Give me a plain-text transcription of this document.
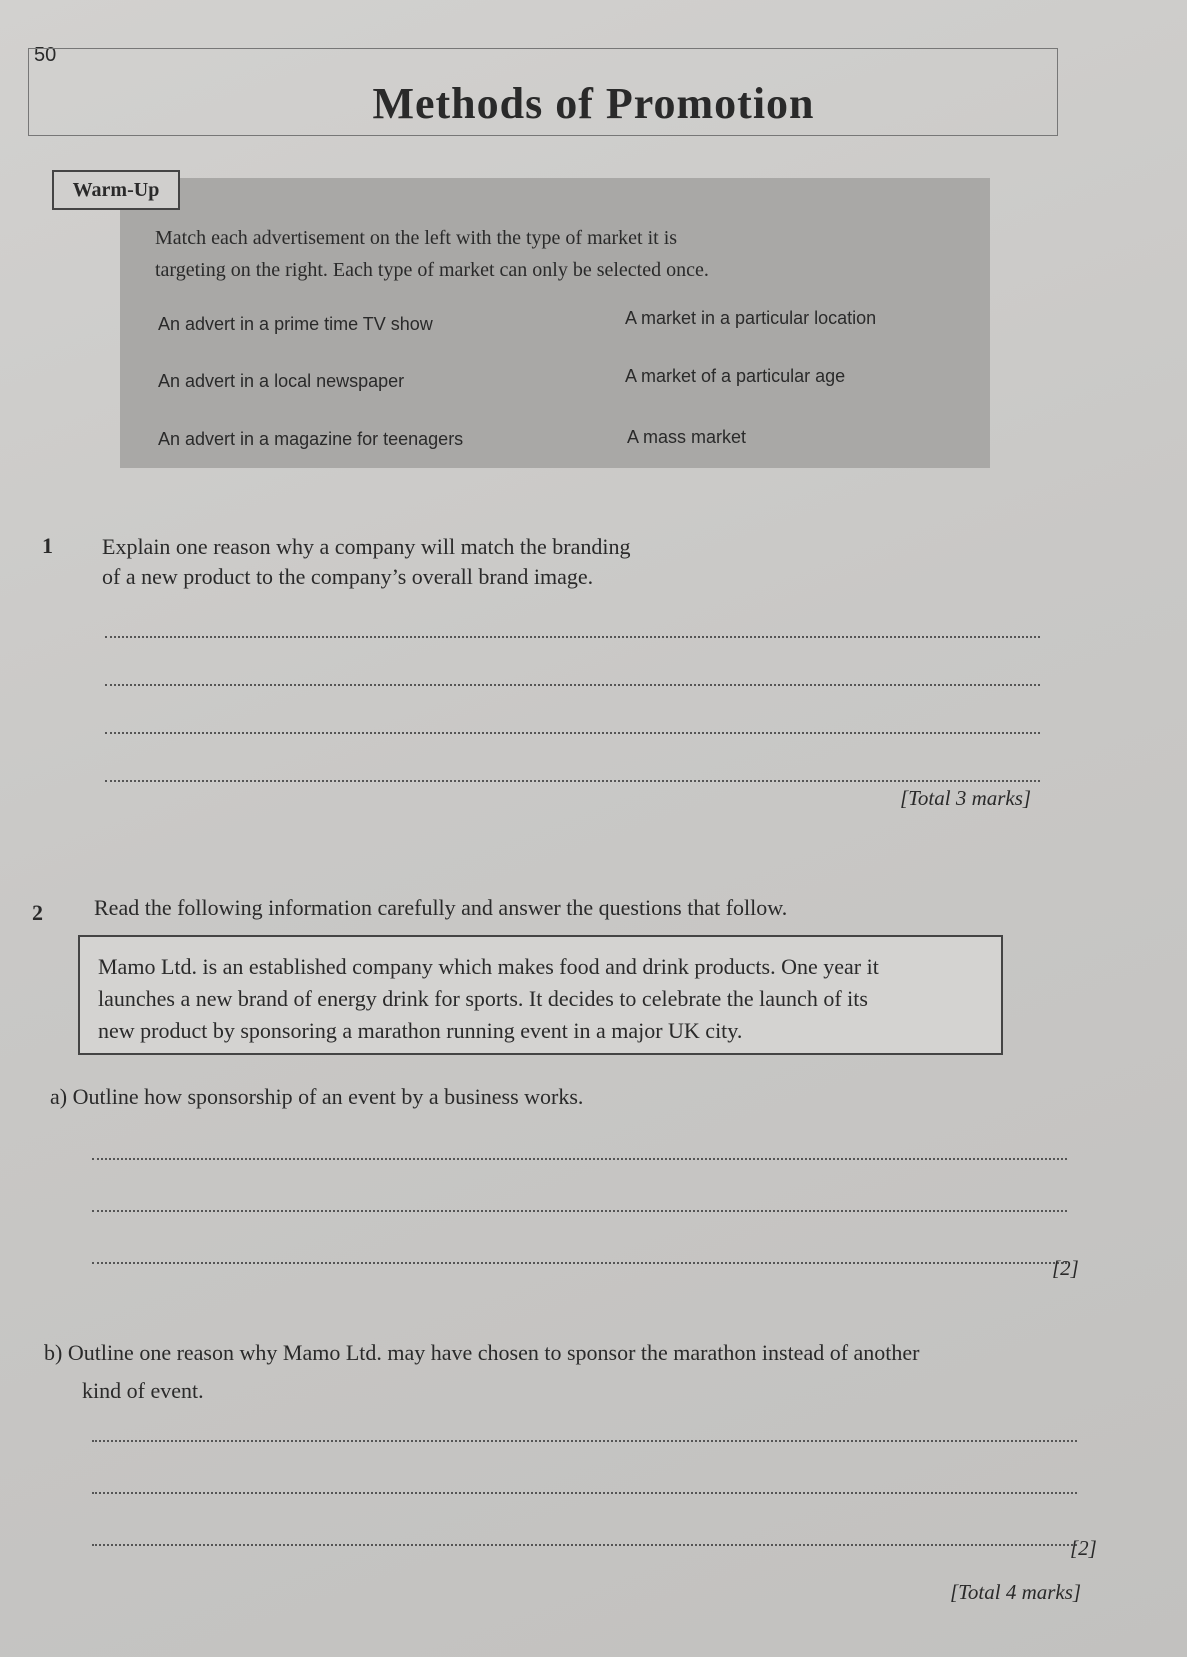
50
Methods of Promotion
Warm-Up
Match each advertisement on the left with the type of market it is
targeting on the right. Each type of market can only be selected once.
An advert in a prime time TV show
An advert in a local newspaper
An advert in a magazine for teenagers
A market in a particular location
A market of a particular age
A mass market
1 Explain one reason why a company will match the branding
of a new product to the company’s overall brand image.
[Total 3 marks]
2 Read the following information carefully and answer the questions that follow.
Mamo Ltd. is an established company which makes food and drink products. One year it
launches a new brand of energy drink for sports. It decides to celebrate the launch of its
new product by sponsoring a marathon running event in a major UK city.
a) Outline how sponsorship of an event by a business works.
[2]
b) Outline one reason why Mamo Ltd. may have chosen to sponsor the marathon instead of another
kind of event.
[2]
[Total 4 marks]
